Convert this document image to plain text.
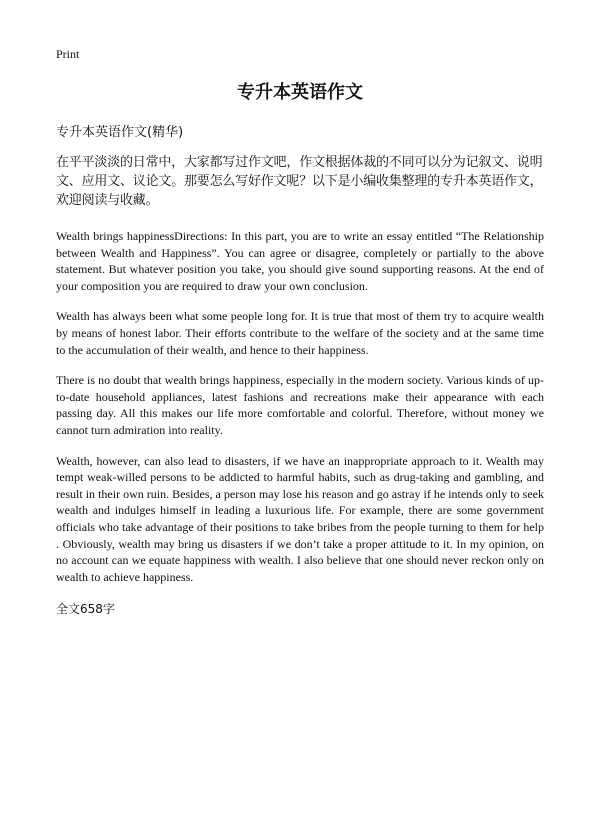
Print

专升本英语作文

专升本英语作文(精华)

在平平淡淡的日常中，大家都写过作文吧，作文根据体裁的不同可以分为记叙文、说明文、应用文、议论文。那要怎么写好作文呢？以下是小编收集整理的专升本英语作文，欢迎阅读与收藏。

Wealth brings happinessDirections: In this part, you are to write an essay entitled “The Relationship between Wealth and Happiness”. You can agree or disagree, completely or partially to the above statement. But whatever position you take, you should give sound supporting reasons. At the end of your composition you are required to draw your own conclusion.

Wealth has always been what some people long for. It is true that most of them try to acquire wealth by means of honest labor. Their efforts contribute to the welfare of the society and at the same time to the accumulation of their wealth, and hence to their happiness.

There is no doubt that wealth brings happiness, especially in the modern society. Various kinds of up-to-date household appliances, latest fashions and recreations make their appearance with each passing day. All this makes our life more comfortable and colorful. Therefore, without money we cannot turn admiration into reality.

Wealth, however, can also lead to disasters, if we have an inappropriate approach to it. Wealth may tempt weak-willed persons to be addicted to harmful habits, such as drug-taking and gambling, and result in their own ruin. Besides, a person may lose his reason and go astray if he intends only to seek wealth and indulges himself in leading a luxurious life. For example, there are some government officials who take advantage of their positions to take bribes from the people turning to them for help . Obviously, wealth may bring us disasters if we don’t take a proper attitude to it. In my opinion, on no account can we equate happiness with wealth. I also believe that one should never reckon only on wealth to achieve happiness.

全文658字
